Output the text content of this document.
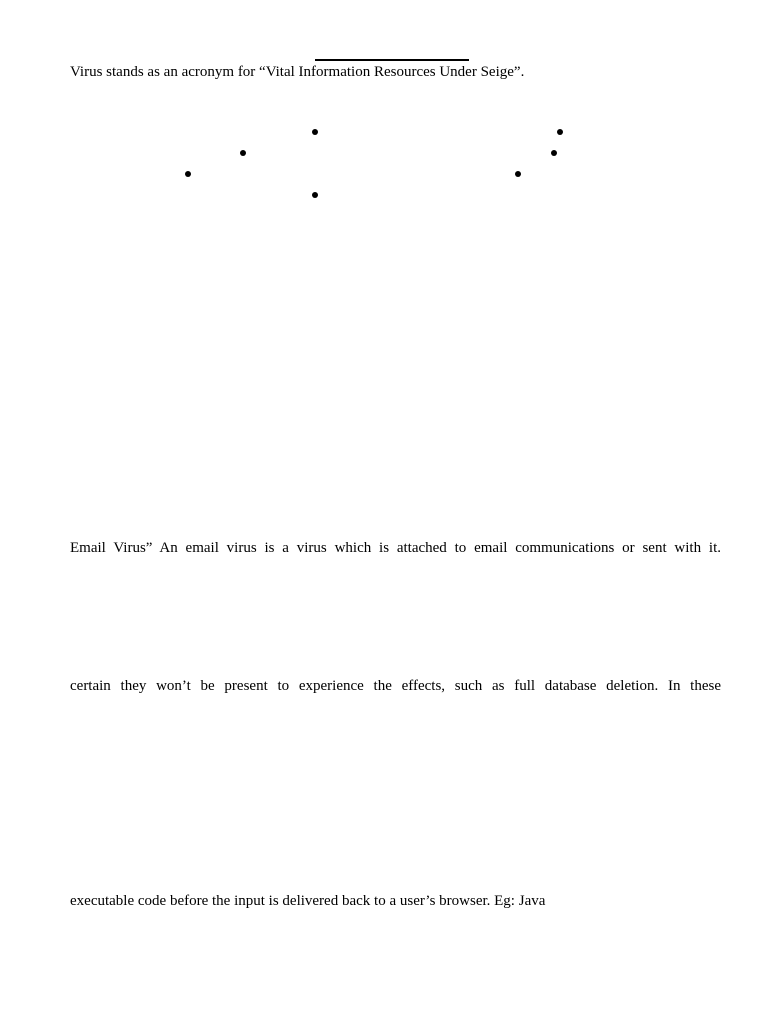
Virus stands as an acronym for “Vital Information Resources Under Seige”.
Email Virus” An email virus is a virus which is attached to email communications or sent with it.
certain they won’t be present to experience the effects, such as full database deletion. In these
executable code before the input is delivered back to a user’s browser. Eg: Java
